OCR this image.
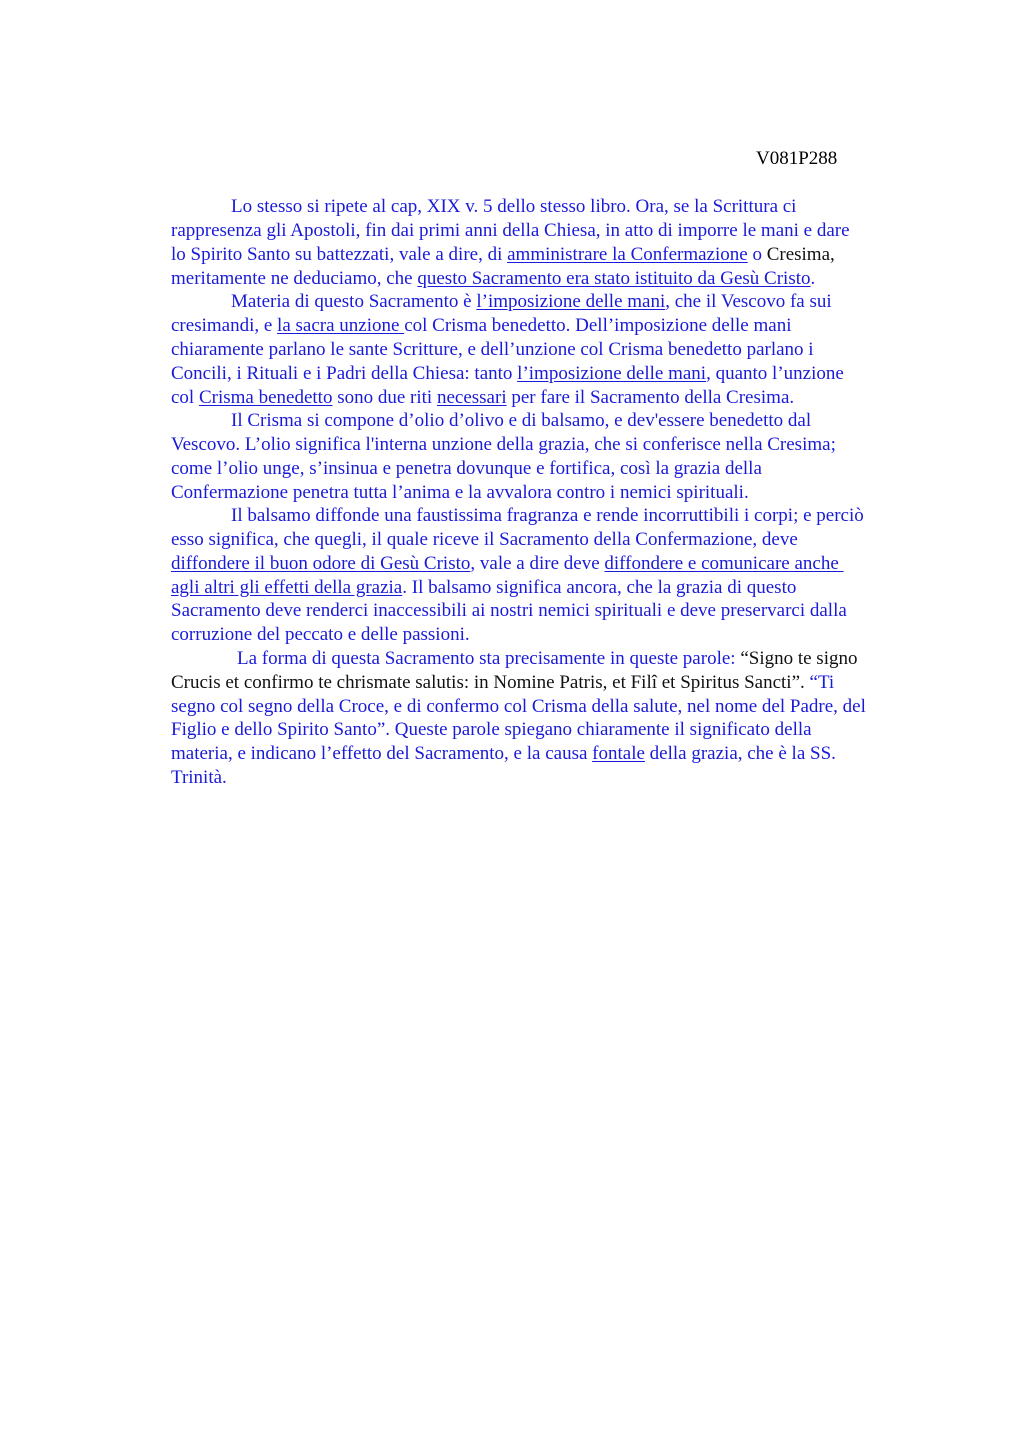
V081P288
Lo stesso si ripete al cap, XIX v. 5 dello stesso libro. Ora, se la Scrittura ci
rappresenza gli Apostoli, fin dai primi anni della Chiesa, in atto di imporre le mani e dare
lo Spirito Santo su battezzati, vale a dire, di amministrare la Confermazione o Cresima,
meritamente ne deduciamo, che questo Sacramento era stato istituito da Gesù Cristo.
Materia di questo Sacramento è l’imposizione delle mani, che il Vescovo fa sui
cresimandi, e la sacra unzione col Crisma benedetto. Dell’imposizione delle mani
chiaramente parlano le sante Scritture, e dell’unzione col Crisma benedetto parlano i
Concili, i Rituali e i Padri della Chiesa: tanto l’imposizione delle mani, quanto l’unzione
col Crisma benedetto sono due riti necessari per fare il Sacramento della Cresima.
Il Crisma si compone d’olio d’olivo e di balsamo, e dev'essere benedetto dal
Vescovo. L’olio significa l'interna unzione della grazia, che si conferisce nella Cresima;
come l’olio unge, s’insinua e penetra dovunque e fortifica, così la grazia della
Confermazione penetra tutta l’anima e la avvalora contro i nemici spirituali.
Il balsamo diffonde una faustissima fragranza e rende incorruttibili i corpi; e perciò
esso significa, che quegli, il quale riceve il Sacramento della Confermazione, deve
diffondere il buon odore di Gesù Cristo, vale a dire deve diffondere e comunicare anche
agli altri gli effetti della grazia. Il balsamo significa ancora, che la grazia di questo
Sacramento deve renderci inaccessibili ai nostri nemici spirituali e deve preservarci dalla
corruzione del peccato e delle passioni.
La forma di questa Sacramento sta precisamente in queste parole: “Signo te signo
Crucis et confirmo te chrismate salutis: in Nomine Patris, et Filî et Spiritus Sancti”. “Ti
segno col segno della Croce, e di confermo col Crisma della salute, nel nome del Padre, del
Figlio e dello Spirito Santo”. Queste parole spiegano chiaramente il significato della
materia, e indicano l’effetto del Sacramento, e la causa fontale della grazia, che è la SS.
Trinità.
